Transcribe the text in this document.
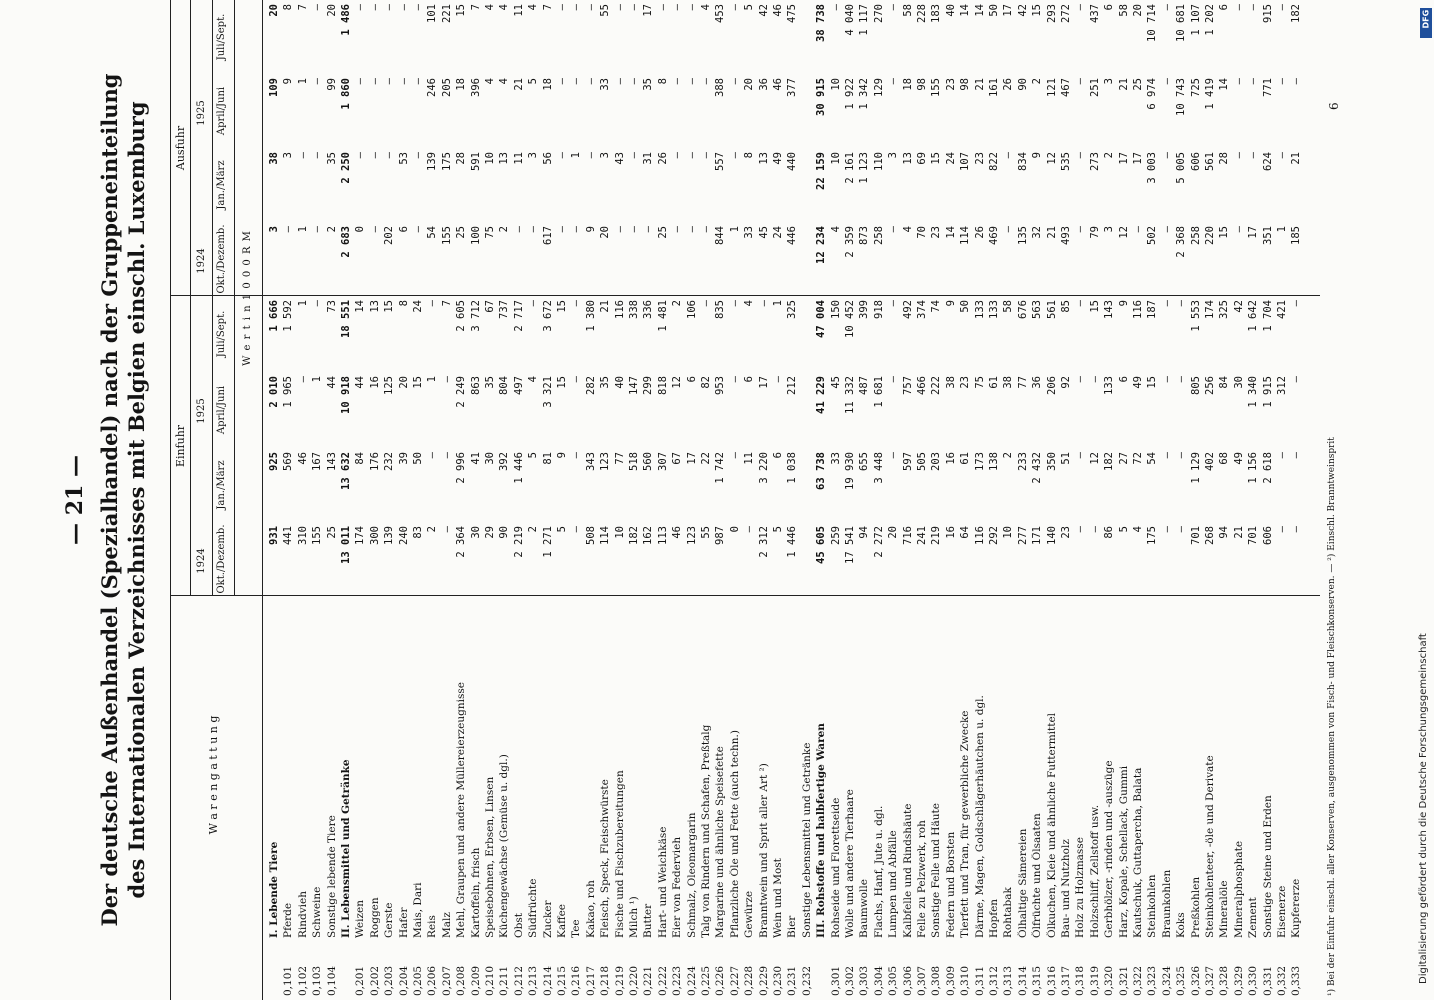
— 21 — Der deutsche Außenhandel (Spezialhandel) nach der Gruppeneinteilung des Internationalen Verzeichnisses mit Belgien einschl. Luxemburg	W a r e n g a t t u n g
Einfuhr
Ausfuhr
1924
1925
1924
1925
Okt./Dezemb.
Jan./März
April/Juni
Juli/Sept.
Okt./Dezemb.
Jan./März
April/Juni
Juli/Sept.
W e r t i n 1 0 0 0 R M
I. Lebende Tiere
931
925
2 010
1 666
3
38
109
20
0,101
Pferde
441
569
1 965
1 592
—
3
9
8
0,102
Rindvieh
310
46
—
1
1
—
1
7
0,103
Schweine
155
167
1
—
—
—
—
—
0,104
Sonstige lebende Tiere
25
143
44
73
2
35
99
20
II. Lebensmittel und Getränke
13 011
13 632
10 918
18 551
2 683
2 250
1 860
1 486
0,201
Weizen
174
84
44
14
0
—
—
—
0,202
Roggen
300
176
16
13
—
—
—
—
0,203
Gerste
139
232
125
15
202
—
—
—
0,204
Hafer
240
39
20
8
6
53
—
—
0,205
Mais, Dari
83
50
15
24
—
—
—
—
0,206
Reis
2
—
1
—
54
139
246
101
0,207
Malz
—
—
—
7
155
175
205
221
0,208
Mehl, Graupen und andere Müllereierzeugnisse
2 364
2 996
2 249
2 605
25
28
18
15
0,209
Kartoffeln, frisch
30
41
863
3 712
100
591
396
7
0,210
Speisebohnen, Erbsen, Linsen
29
30
35
67
75
10
4
4
0,211
Küchengewächse (Gemüse u. dgl.)
90
392
804
737
2
13
4
4
0,212
Obst
2 219
1 446
497
2 717
—
11
21
11
0,213
Südfrüchte
2
5
4
—
—
3
5
4
0,214
Zucker
1 271
81
3 321
3 672
617
56
18
7
0,215
Kaffee
5
9
15
15
—
—
—
—
0,216
Tee
—
—
—
—
—
1
—
—
0,217
Kakao, roh
508
343
282
1 380
9
—
—
—
0,218
Fleisch, Speck, Fleischwürste
114
123
35
21
20
3
33
55
0,219
Fische und Fischzubereitungen
10
77
40
116
—
43
—
—
0,220
Milch ¹)
182
518
147
338
—
—
—
—
0,221
Butter
162
560
299
336
—
31
35
17
0,222
Hart- und Weichkäse
113
307
818
1 481
25
26
8
—
0,223
Eier von Federvieh
46
67
12
2
—
—
—
—
0,224
Schmalz, Oleomargarin
123
17
6
106
—
—
—
—
0,225
Talg von Rindern und Schafen, Preßtalg
55
22
82
—
—
—
—
4
0,226
Margarine und ähnliche Speisefette
987
1 742
953
835
844
557
388
453
0,227
Pflanzliche Öle und Fette (auch techn.)
0
—
—
—
1
—
—
—
0,228
Gewürze
—
11
6
4
33
8
20
5
0,229
Branntwein und Sprit aller Art ²)
2 312
3 220
17
—
45
13
36
42
0,230
Wein und Most
5
6
—
1
24
49
46
46
0,231
Bier
1 446
1 038
212
325
446
440
377
475
0,232
Sonstige Lebensmittel und Getränke III. Rohstoffe und halbfertige Waren
45 605
63 738
41 229
47 004
12 234
22 159
30 915
38 738
0,301
Rohseide und Florettseide
259
33
45
150
4
10
10
—
0,302
Wolle und andere Tierhaare
17 541
19 930
11 332
10 452
2 359
2 161
1 922
4 040
0,303
Baumwolle
94
655
487
399
873
1 123
1 342
1 117
0,304
Flachs, Hanf, Jute u. dgl.
2 272
3 448
1 681
918
258
110
129
270
0,305
Lumpen und Abfälle
20
—
—
—
—
3
—
—
0,306
Kalbfelle und Rindshäute
716
597
757
492
4
13
18
58
0,307
Felle zu Pelzwerk, roh
241
505
466
374
70
69
98
228
0,308
Sonstige Felle und Häute
219
203
222
74
23
15
155
183
0,309
Federn und Borsten
16
16
38
9
14
24
23
40
0,310
Tierfett und Tran, für gewerbliche Zwecke
64
61
23
50
114
107
98
14
0,311
Därme, Magen, Goldschlägerhäutchen u. dgl.
116
173
75
133
26
23
21
14
0,312
Hopfen
292
138
61
133
469
822
161
50
0,313
Rohtabak
10
2
38
58
—
—
26
17
0,314
Ölhaltige Sämereien
277
233
77
676
135
834
90
42
0,315
Ölfrüchte und Ölsaaten
171
2 432
36
563
32
9
2
15
0,316
Ölkuchen, Kleie und ähnliche Futtermittel
140
350
206
561
21
12
121
293
0,317
Bau- und Nutzholz
23
51
92
85
493
535
467
272
0,318
Holz zu Holzmasse
—
—
—
—
—
—
—
—
0,319
Holzschliff, Zellstoff usw.
—
12
—
15
79
273
251
437
0,320
Gerbhölzer, -rinden und -auszüge
86
182
133
143
3
2
3
6
0,321
Harz, Kopale, Schellack, Gummi
5
27
6
9
12
17
21
58
0,322
Kautschuk, Guttapercha, Balata
4
72
49
116
—
17
25
20
0,323
Steinkohlen
175
54
15
187
502
3 003
6 974
10 714
0,324
Braunkohlen
—
—
—
—
—
—
—
—
0,325
Koks
—
—
—
—
2 368
5 005
10 743
10 681
0,326
Preßkohlen
701
1 129
805
1 553
258
606
725
1 107
0,327
Steinkohlenteer, -öle und Derivate
268
402
256
174
220
561
1 419
1 202
0,328
Mineralöle
94
68
84
325
15
28
14
6
0,329
Mineralphosphate
21
49
30
42
—
—
—
—
0,330
Zement
701
1 156
1 340
1 642
17
—
—
—
0,331
Sonstige Steine und Erden
606
2 618
1 915
1 704
351
624
771
915
0,332
Eisenerze
—
—
312
421
1
—
—
—
0,333
Kupfererze
—
—
—
—
185
21
—
182
¹) Bei der Einfuhr einschl. aller Konserven, ausgenommen von Fisch- und Fleischkonserven. — ²) Einschl. Branntweinsprit
6
Digitalisierung gefördert durch die Deutsche Forschungsgemeinschaft
DFG
